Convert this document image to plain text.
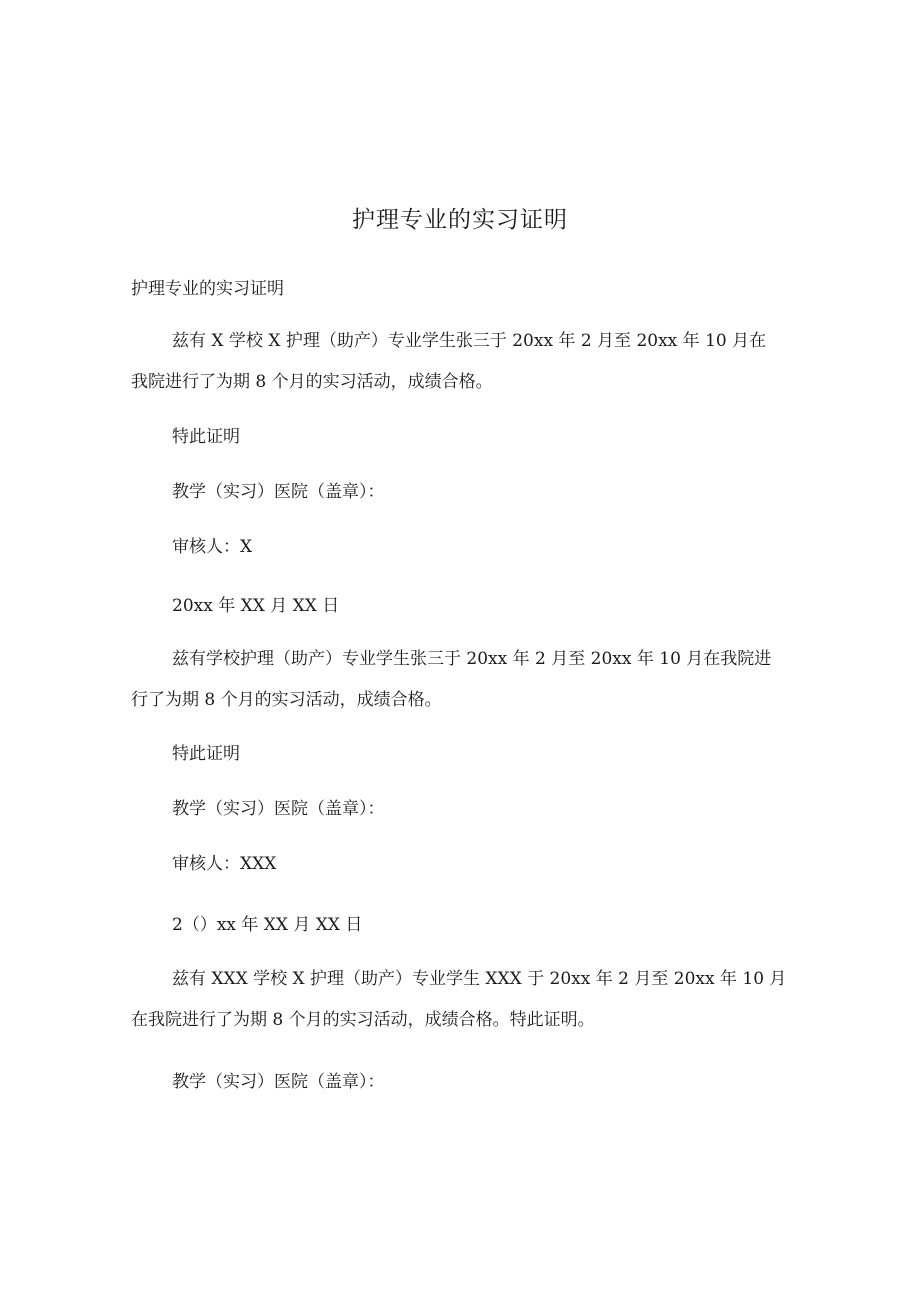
护理专业的实习证明
护理专业的实习证明
兹有 X 学校 X 护理（助产）专业学生张三于 20xx 年 2 月至 20xx 年 10 月在
我院进行了为期 8 个月的实习活动，成绩合格。
特此证明
教学（实习）医院（盖章）：
审核人：X
20xx 年 XX 月 XX 日
兹有学校护理（助产）专业学生张三于 20xx 年 2 月至 20xx 年 10 月在我院进
行了为期 8 个月的实习活动，成绩合格。
特此证明
教学（实习）医院（盖章）：
审核人：XXX
2（）xx 年 XX 月 XX 日
兹有 XXX 学校 X 护理（助产）专业学生 XXX 于 20xx 年 2 月至 20xx 年 10 月
在我院进行了为期 8 个月的实习活动，成绩合格。特此证明。
教学（实习）医院（盖章）：
